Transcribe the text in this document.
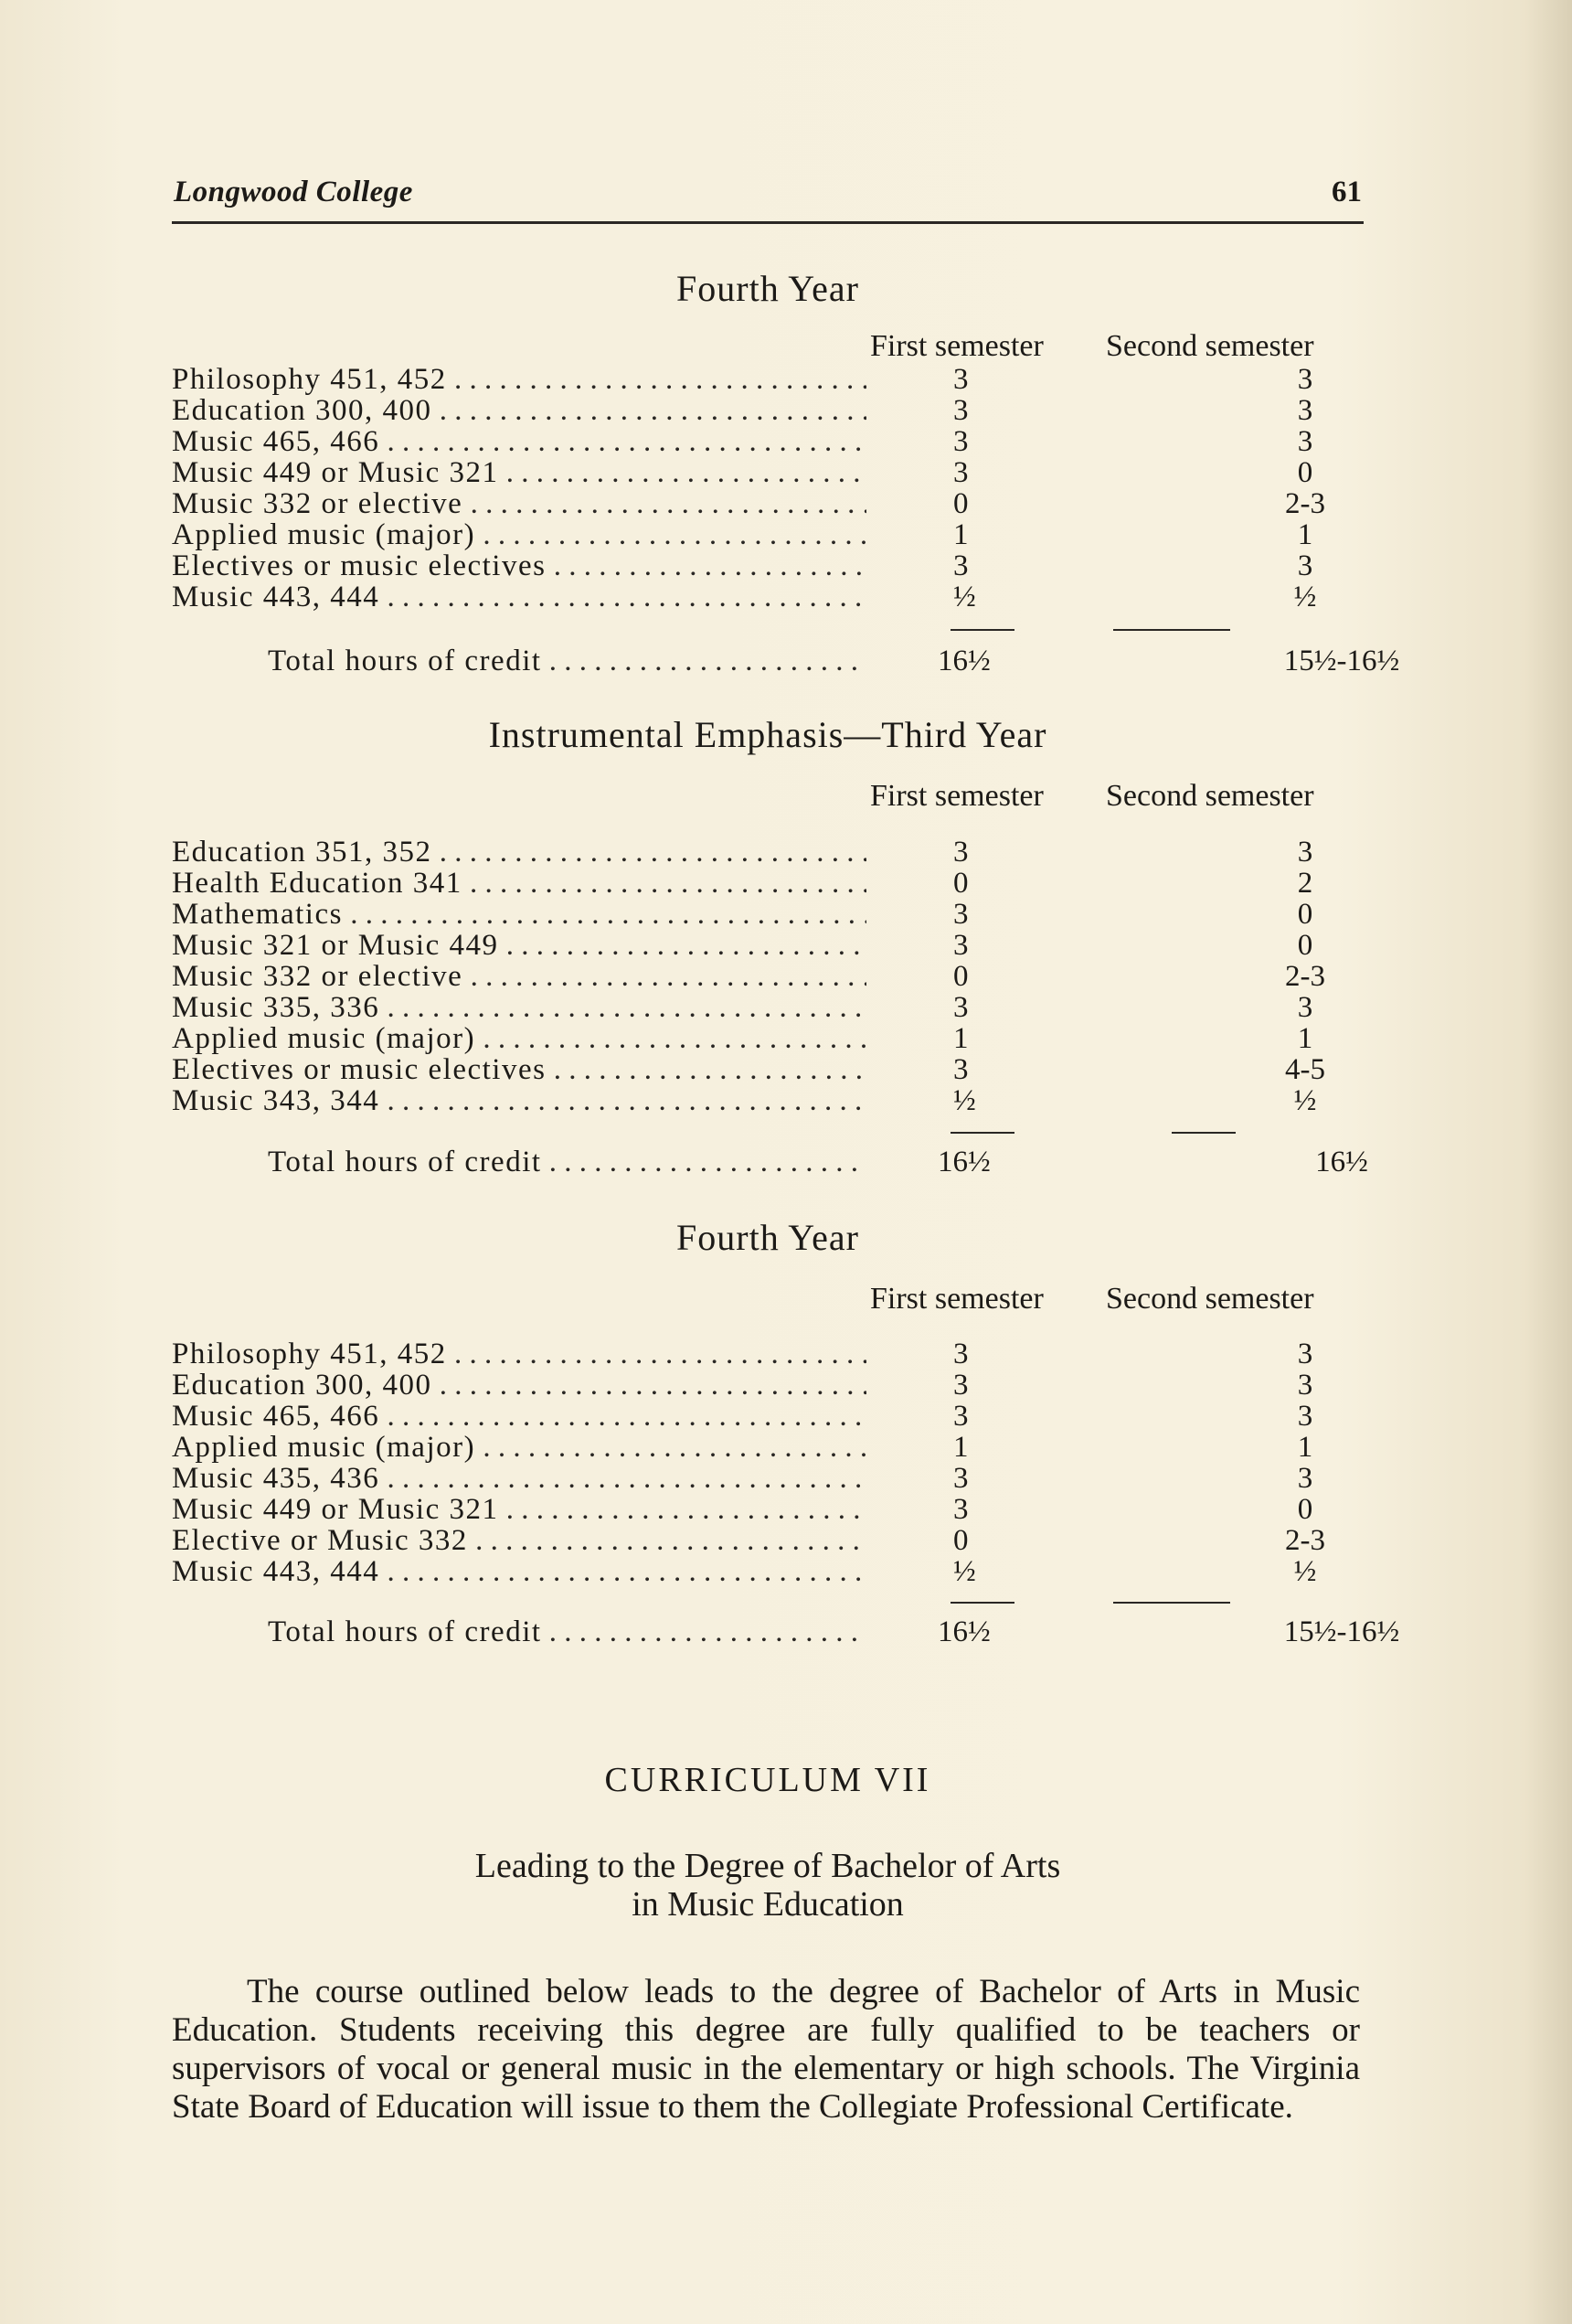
Longwood College	61
Fourth Year
First semester Second semester
Philosophy 451, 452 . . .	3	3
Education 300, 400 . . .	3	3
Music 465, 466 . . .	3	3
Music 449 or Music 321 . . .	3	0
Music 332 or elective . . .	0	2-3
Applied music (major) . . .	1	1
Electives or music electives . . .	3	3
Music 443, 444 . . .	½	½
Total hours of credit . . .	16½	15½-16½
Instrumental Emphasis—Third Year
First semester Second semester
Education 351, 352 . . .	3	3
Health Education 341 . . .	0	2
Mathematics . . .	3	0
Music 321 or Music 449 . . .	3	0
Music 332 or elective . . .	0	2-3
Music 335, 336 . . .	3	3
Applied music (major) . . .	1	1
Electives or music electives . . .	3	4-5
Music 343, 344 . . .	½	½
Total hours of credit . . .	16½	16½
Fourth Year
First semester Second semester
Philosophy 451, 452 . . .	3	3
Education 300, 400 . . .	3	3
Music 465, 466 . . .	3	3
Applied music (major) . . .	1	1
Music 435, 436 . . .	3	3
Music 449 or Music 321 . . .	3	0
Elective or Music 332 . . .	0	2-3
Music 443, 444 . . .	½	½
Total hours of credit . . .	16½	15½-16½
CURRICULUM VII
Leading to the Degree of Bachelor of Arts
in Music Education

The course outlined below leads to the degree of Bachelor of Arts in Music Education. Students receiving this degree are fully qualified to be teachers or supervisors of vocal or general music in the elementary or high schools. The Virginia State Board of Education will issue to them the Collegiate Professional Certificate.
